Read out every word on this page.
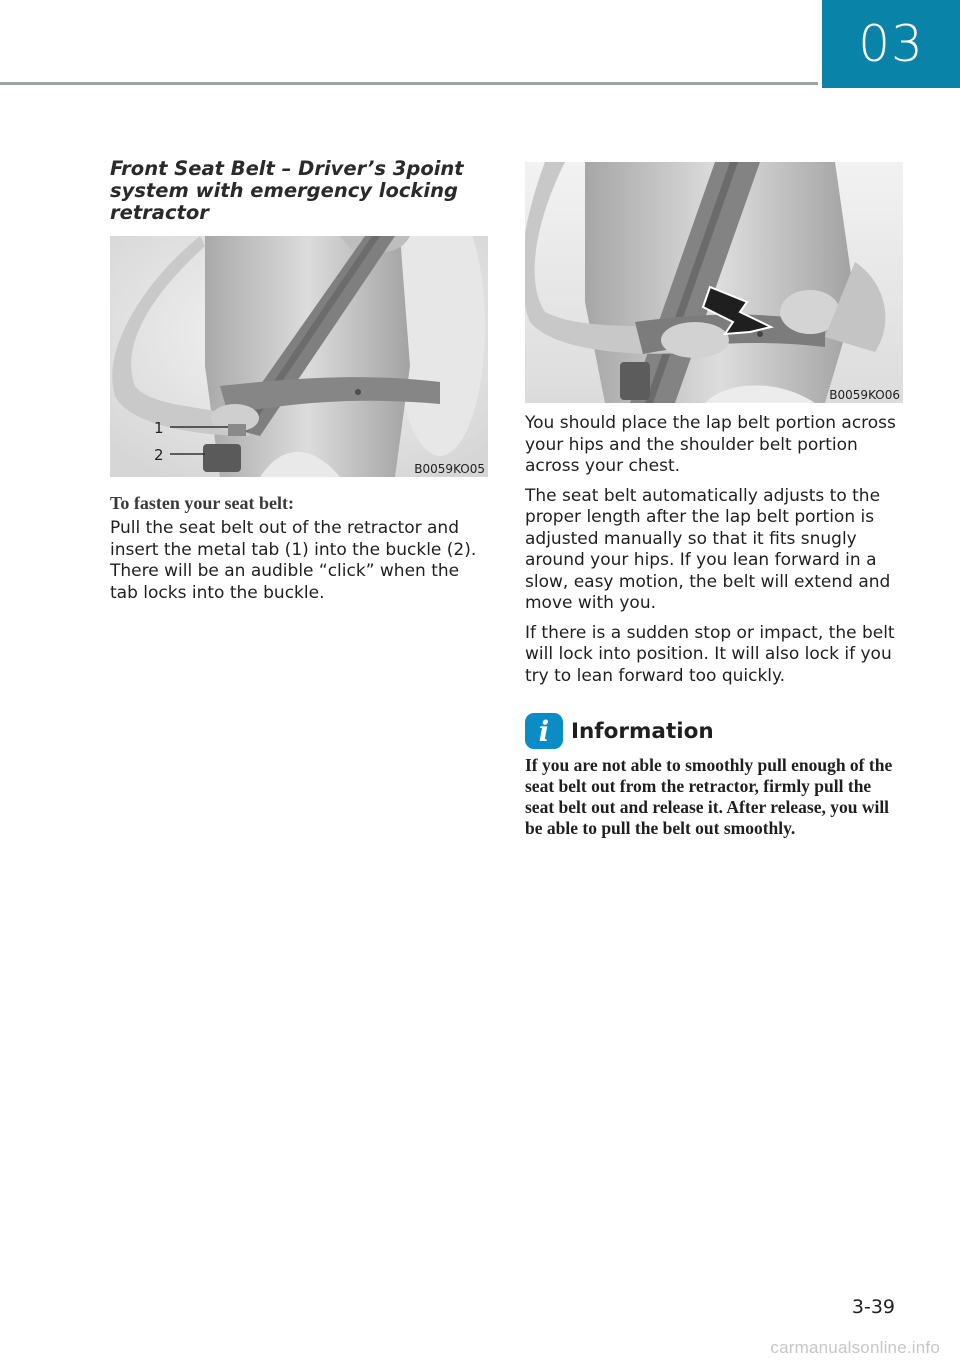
03
Front Seat Belt – Driver’s 3point system with emergency locking retractor
1
2
B0059KO05
To fasten your seat belt:

Pull the seat belt out of the retractor and insert the metal tab (1) into the buckle (2). There will be an audible “click” when the tab locks into the buckle.

B0059KO06

You should place the lap belt portion across your hips and the shoulder belt portion across your chest.

The seat belt automatically adjusts to the proper length after the lap belt portion is adjusted manually so that it fits snugly around your hips. If you lean forward in a slow, easy motion, the belt will extend and move with you.

If there is a sudden stop or impact, the belt will lock into position. It will also lock if you try to lean forward too quickly.

i	Information

If you are not able to smoothly pull enough of the seat belt out from the retractor, firmly pull the seat belt out and release it. After release, you will be able to pull the belt out smoothly.

3-39
carmanualsonline.info
